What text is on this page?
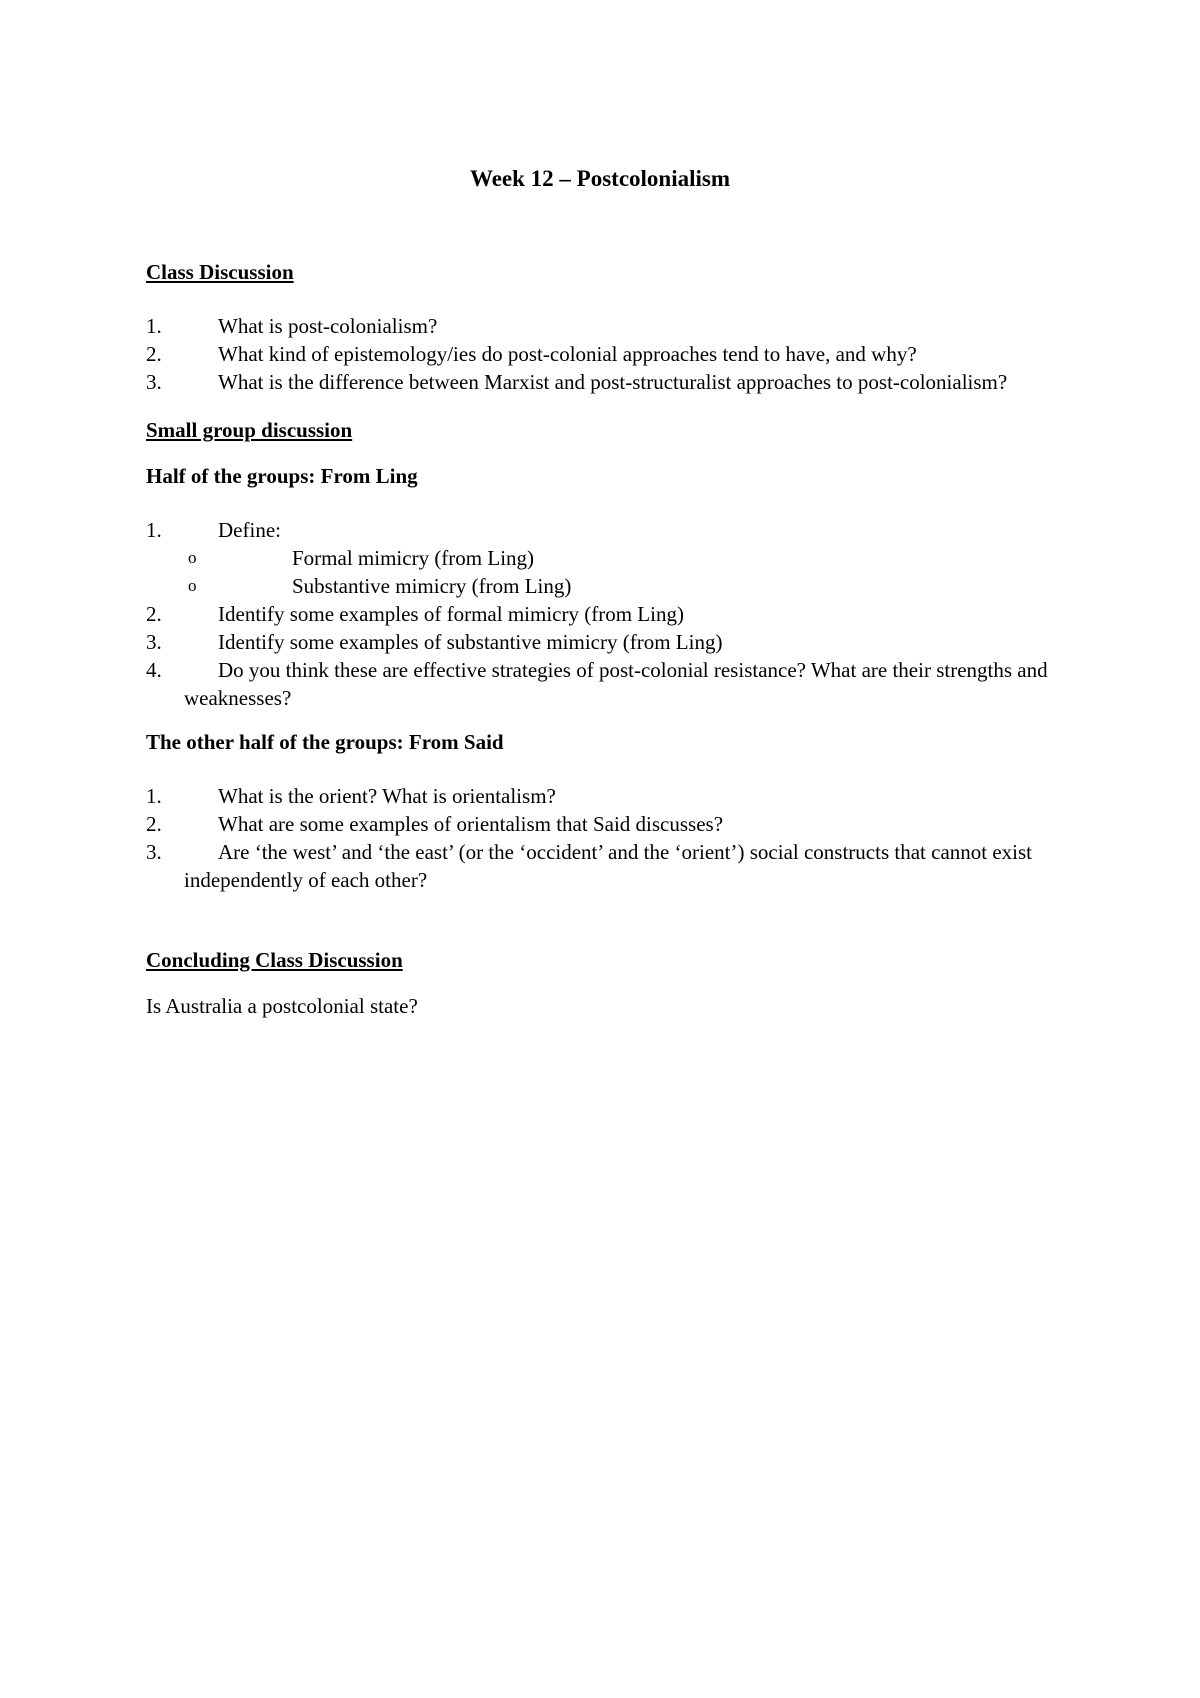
Week 12 – Postcolonialism

Class Discussion

1.	What is post-colonialism?
2.	What kind of epistemology/ies do post-colonial approaches tend to have, and why?
3.	What is the difference between Marxist and post-structuralist approaches to post-colonialism?

Small group discussion

Half of the groups: From Ling

1.	Define:
o	Formal mimicry (from Ling)
o	Substantive mimicry (from Ling)
2.	Identify some examples of formal mimicry (from Ling)
3.	Identify some examples of substantive mimicry (from Ling)
4.	Do you think these are effective strategies of post-colonial resistance? What are their strengths and weaknesses?

The other half of the groups: From Said

1.	What is the orient? What is orientalism?
2.	What are some examples of orientalism that Said discusses?
3.	Are ‘the west’ and ‘the east’ (or the ‘occident’ and the ‘orient’) social constructs that cannot exist independently of each other?

Concluding Class Discussion

Is Australia a postcolonial state?
